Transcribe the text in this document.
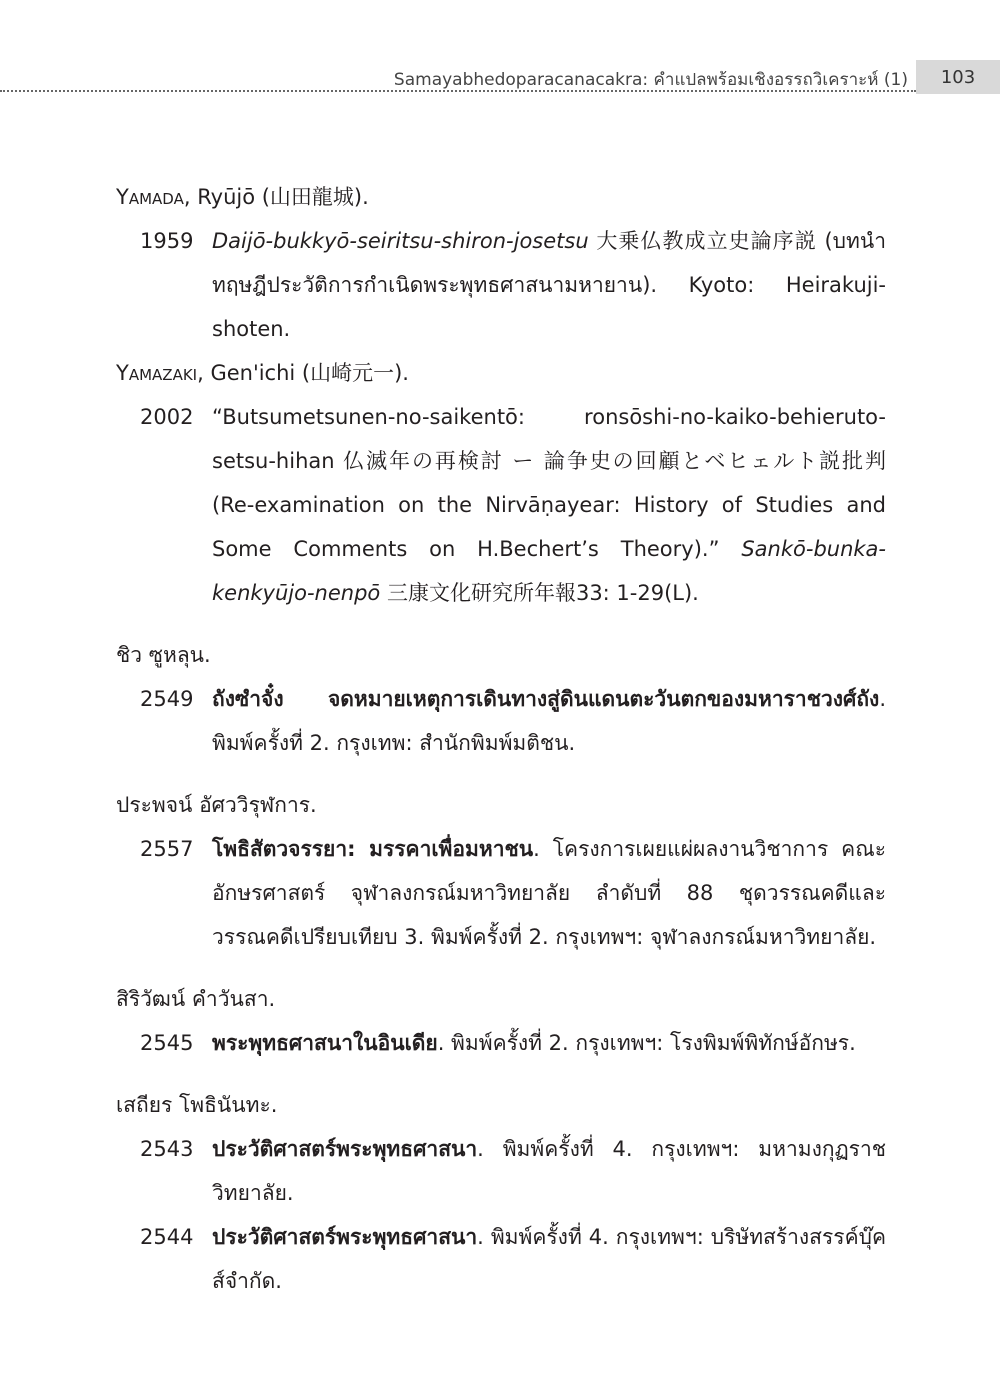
Samayabhedoparacanacakra: คำแปลพร้อมเชิงอรรถวิเคราะห์ (1)	103

Yamada, Ryūjō (山田龍城).

1959 Daijō-bukkyō-seiritsu-shiron-josetsu 大乗仏教成立史論序説 (บทนำทฤษฎีประวัติการกำเนิดพระพุทธศาสนามหายาน). Kyoto: Heirakuji-shoten.

Yamazaki, Gen'ichi (山崎元一).

2002 “Butsumetsunen-no-saikentō: ronsōshi-no-kaiko-behieruto-setsu-hihan 仏滅年の再検討 ー 論争史の回顧とベヒェルト説批判 (Re-examination on the Nirvāṇayear: History of Studies and Some Comments on H.Bechert’s Theory).” Sankō-bunka-kenkyūjo-nenpō 三康文化研究所年報33: 1-29(L).

ชิว ซูหลุน.

2549 ถังซำจั๋ง จดหมายเหตุการเดินทางสู่ดินแดนตะวันตกของมหาราชวงศ์ถัง. พิมพ์ครั้งที่ 2. กรุงเทพ: สำนักพิมพ์มติชน.

ประพจน์ อัศววิรุฬการ.

2557 โพธิสัตวจรรยา: มรรคาเพื่อมหาชน. โครงการเผยแผ่ผลงานวิชาการ คณะอักษรศาสตร์ จุฬาลงกรณ์มหาวิทยาลัย ลำดับที่ 88 ชุดวรรณคดีและวรรณคดีเปรียบเทียบ 3. พิมพ์ครั้งที่ 2. กรุงเทพฯ: จุฬาลงกรณ์มหาวิทยาลัย.

สิริวัฒน์ คำวันสา.

2545 พระพุทธศาสนาในอินเดีย. พิมพ์ครั้งที่ 2. กรุงเทพฯ: โรงพิมพ์พิทักษ์อักษร.

เสถียร โพธินันทะ.

2543 ประวัติศาสตร์พระพุทธศาสนา. พิมพ์ครั้งที่ 4. กรุงเทพฯ: มหามงกุฏราชวิทยาลัย.

2544 ประวัติศาสตร์พระพุทธศาสนา. พิมพ์ครั้งที่ 4. กรุงเทพฯ: บริษัทสร้างสรรค์บุ๊คส์จำกัด.
